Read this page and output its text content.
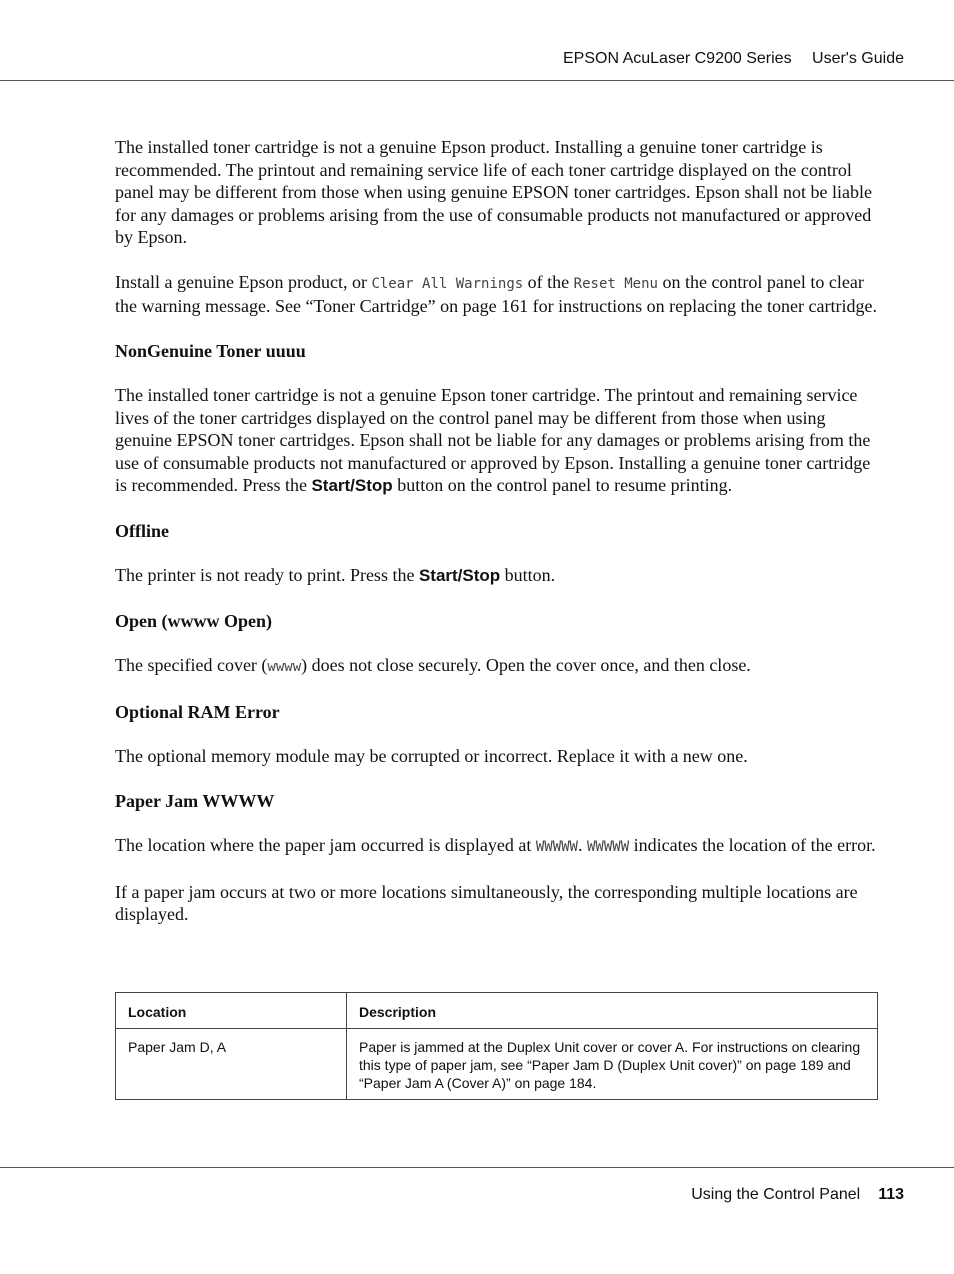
EPSON AcuLaser C9200 Series User's Guide

The installed toner cartridge is not a genuine Epson product. Installing a genuine toner cartridge is recommended. The printout and remaining service life of each toner cartridge displayed on the control panel may be different from those when using genuine EPSON toner cartridges. Epson shall not be liable for any damages or problems arising from the use of consumable products not manufactured or approved by Epson.

Install a genuine Epson product, or Clear All Warnings of the Reset Menu on the control panel to clear the warning message. See “Toner Cartridge” on page 161 for instructions on replacing the toner cartridge.

NonGenuine Toner uuuu

The installed toner cartridge is not a genuine Epson toner cartridge. The printout and remaining service lives of the toner cartridges displayed on the control panel may be different from those when using genuine EPSON toner cartridges. Epson shall not be liable for any damages or problems arising from the use of consumable products not manufactured or approved by Epson. Installing a genuine toner cartridge is recommended. Press the Start/Stop button on the control panel to resume printing.

Offline

The printer is not ready to print. Press the Start/Stop button.

Open (wwww Open)

The specified cover (wwww) does not close securely. Open the cover once, and then close.

Optional RAM Error

The optional memory module may be corrupted or incorrect. Replace it with a new one.

Paper Jam WWWW

The location where the paper jam occurred is displayed at WWWWW. WWWWW indicates the location of the error.

If a paper jam occurs at two or more locations simultaneously, the corresponding multiple locations are displayed.

Location	Description
Paper Jam D, A	Paper is jammed at the Duplex Unit cover or cover A. For instructions on clearing this type of paper jam, see “Paper Jam D (Duplex Unit cover)” on page 189 and “Paper Jam A (Cover A)” on page 184.
Using the Control Panel 113
